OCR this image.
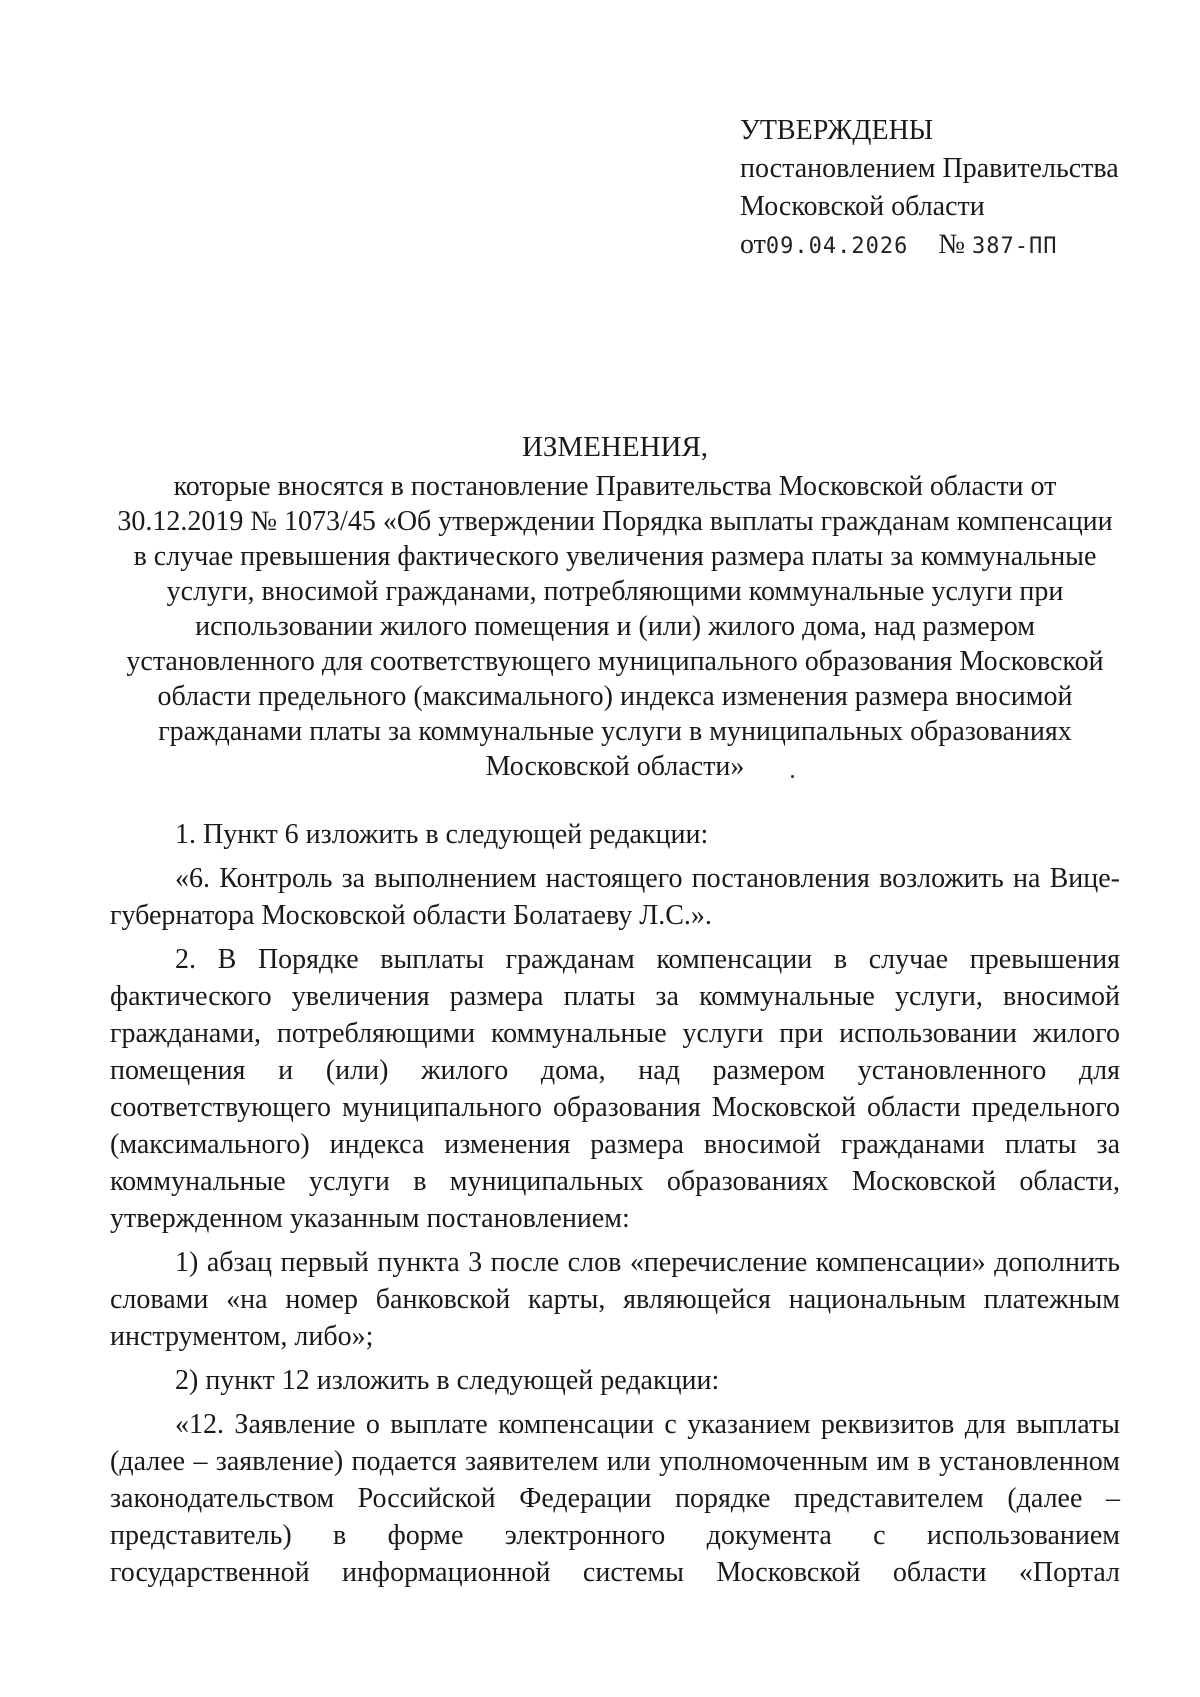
УТВЕРЖДЕНЫ
постановлением Правительства
Московской области
от09.04.2026 № 387-ПП
ИЗМЕНЕНИЯ,
которые вносятся в постановление Правительства Московской области от 30.12.2019 № 1073/45 «Об утверждении Порядка выплаты гражданам компенсации в случае превышения фактического увеличения размера платы за коммунальные услуги, вносимой гражданами, потребляющими коммунальные услуги при использовании жилого помещения и (или) жилого дома, над размером установленного для соответствующего муниципального образования Московской области предельного (максимального) индекса изменения размера вносимой гражданами платы за коммунальные услуги в муниципальных образованиях Московской области»

1. Пункт 6 изложить в следующей редакции:

«6. Контроль за выполнением настоящего постановления возложить на Вице-губернатора Московской области Болатаеву Л.С.».

2. В Порядке выплаты гражданам компенсации в случае превышения фактического увеличения размера платы за коммунальные услуги, вносимой гражданами, потребляющими коммунальные услуги при использовании жилого помещения и (или) жилого дома, над размером установленного для соответствующего муниципального образования Московской области предельного (максимального) индекса изменения размера вносимой гражданами платы за коммунальные услуги в муниципальных образованиях Московской области, утвержденном указанным постановлением:

1) абзац первый пункта 3 после слов «перечисление компенсации» дополнить словами «на номер банковской карты, являющейся национальным платежным инструментом, либо»;

2) пункт 12 изложить в следующей редакции:

«12. Заявление о выплате компенсации с указанием реквизитов для выплаты (далее – заявление) подается заявителем или уполномоченным им в установленном законодательством Российской Федерации порядке представителем (далее – представитель) в форме электронного документа с использованием государственной информационной системы Московской области «Портал
